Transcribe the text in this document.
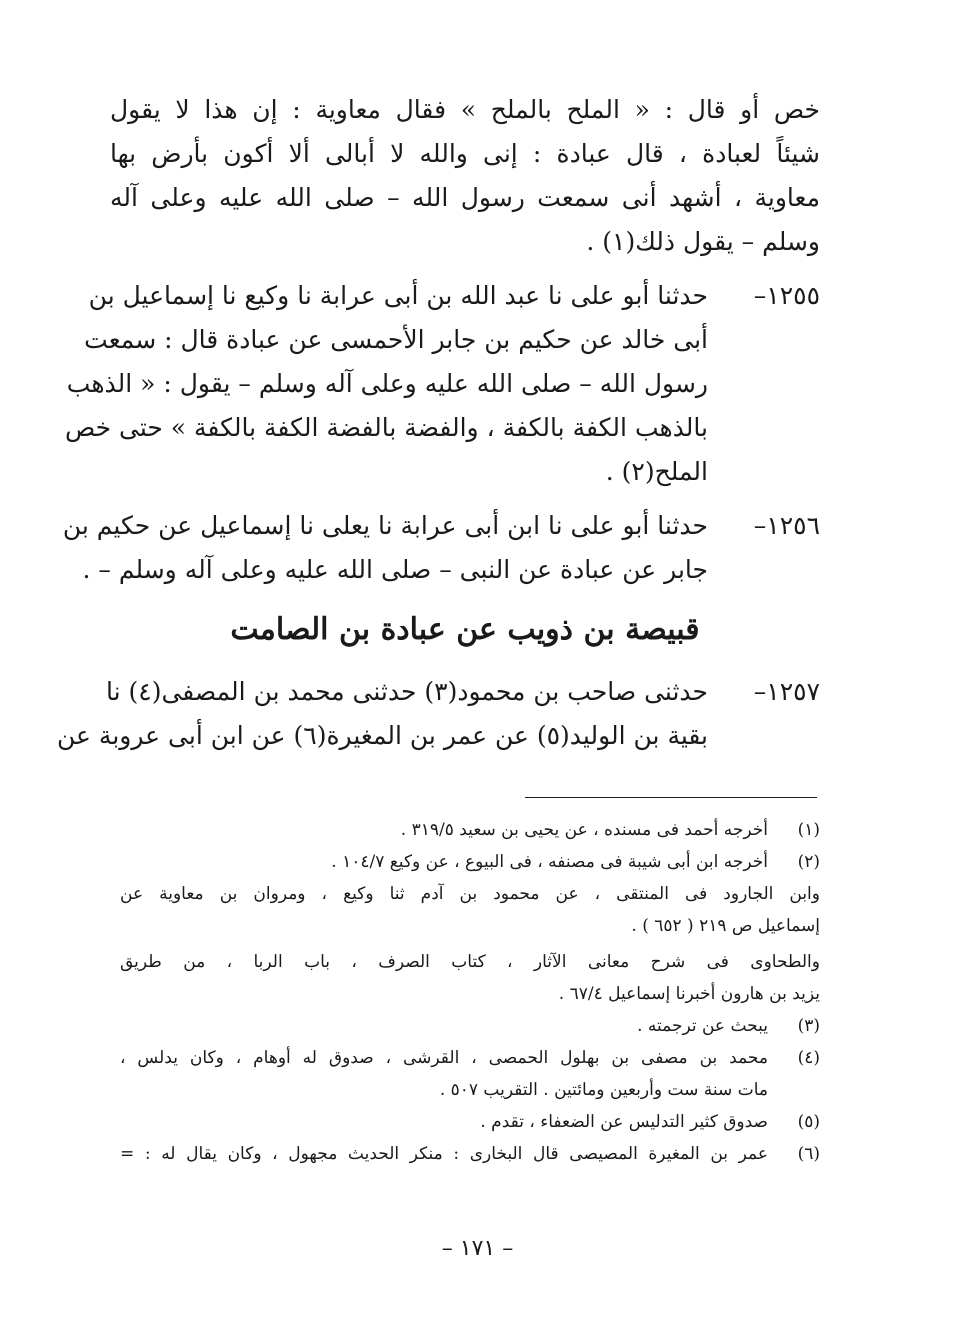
خص أو قال : « الملح بالملح » فقال معاوية : إن هذا لا يقول
شيئاً لعبادة ، قال عبادة : إنى والله لا أبالى ألا أكون بأرض بها
معاوية ، أشهد أنى سمعت رسول الله – صلى الله عليه وعلى آله
وسلم – يقول ذلك(١) .
١٢٥٥–
حدثنا أبو على نا عبد الله بن أبى عرابة نا وكيع نا إسماعيل بن
أبى خالد عن حكيم بن جابر الأحمسى عن عبادة قال : سمعت
رسول الله – صلى الله عليه وعلى آله وسلم – يقول : « الذهب
بالذهب الكفة بالكفة ، والفضة بالفضة الكفة بالكفة » حتى خص
الملح(٢) .
١٢٥٦–
حدثنا أبو على نا ابن أبى عرابة نا يعلى نا إسماعيل عن حكيم بن
جابر عن عبادة عن النبى – صلى الله عليه وعلى آله وسلم – .
قبيصة بن ذويب عن عبادة بن الصامت
١٢٥٧–
حدثنى صاحب بن محمود(٣) حدثنى محمد بن المصفى(٤) نا
بقية بن الوليد(٥) عن عمر بن المغيرة(٦) عن ابن أبى عروبة عن
(١)
أخرجه أحمد فى مسنده ، عن يحيى بن سعيد ٣١٩/٥ .
(٢)
أخرجه ابن أبى شيبة فى مصنفه ، فى البيوع ، عن وكيع ١٠٤/٧ .
وابن الجارود فى المنتقى ، عن محمود بن آدم ثنا وكيع ، ومروان بن معاوية عن
إسماعيل ص ٢١٩ ( ٦٥٢ ) .
والطحاوى فى شرح معانى الآثار ، كتاب الصرف ، باب الربا ، من طريق
يزيد بن هارون أخبرنا إسماعيل ٦٧/٤ .
(٣)
يبحث عن ترجمته .
(٤)
محمد بن مصفى بن بهلول الحمصى ، القرشى ، صدوق له أوهام ، وكان يدلس ،
مات سنة ست وأربعين ومائتين . التقريب ٥٠٧ .
(٥)
صدوق كثير التدليس عن الضعفاء ، تقدم .
(٦)
عمر بن المغيرة المصيصى قال البخارى : منكر الحديث مجهول ، وكان يقال له : =
– ١٧١ –
